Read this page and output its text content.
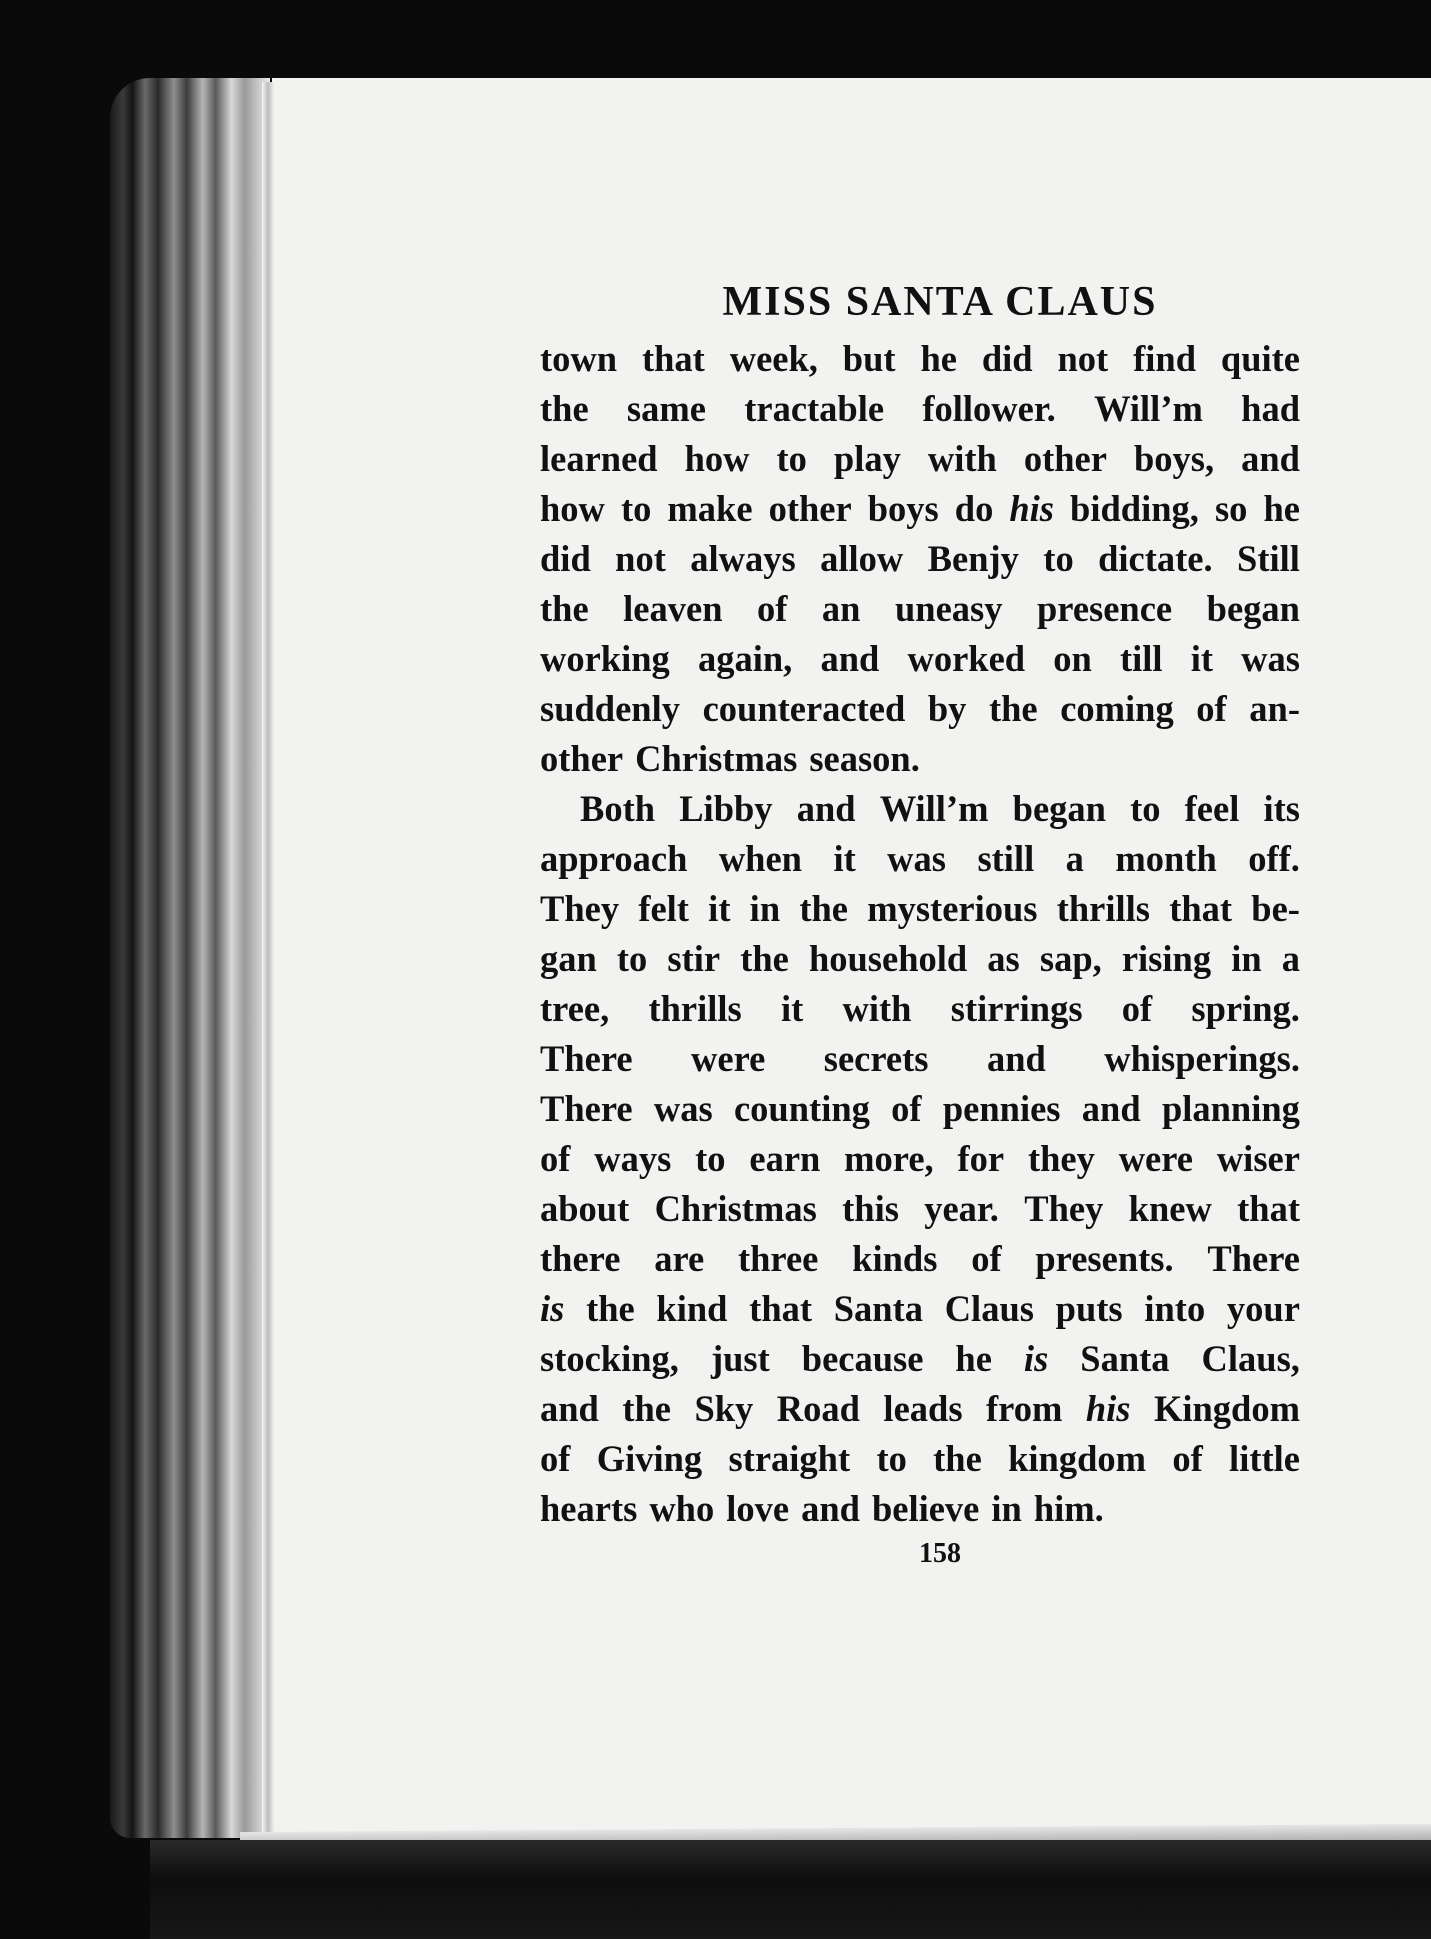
MISS SANTA CLAUS
town that week, but he did not find quite
the same tractable follower. Will’m had
learned how to play with other boys, and
how to make other boys do his bidding, so he
did not always allow Benjy to dictate. Still
the leaven of an uneasy presence began
working again, and worked on till it was
suddenly counteracted by the coming of an-
other Christmas season.
Both Libby and Will’m began to feel its
approach when it was still a month off.
They felt it in the mysterious thrills that be-
gan to stir the household as sap, rising in a
tree, thrills it with stirrings of spring.
There were secrets and whisperings.
There was counting of pennies and planning
of ways to earn more, for they were wiser
about Christmas this year. They knew that
there are three kinds of presents. There
is the kind that Santa Claus puts into your
stocking, just because he is Santa Claus,
and the Sky Road leads from his Kingdom
of Giving straight to the kingdom of little
hearts who love and believe in him.
158
